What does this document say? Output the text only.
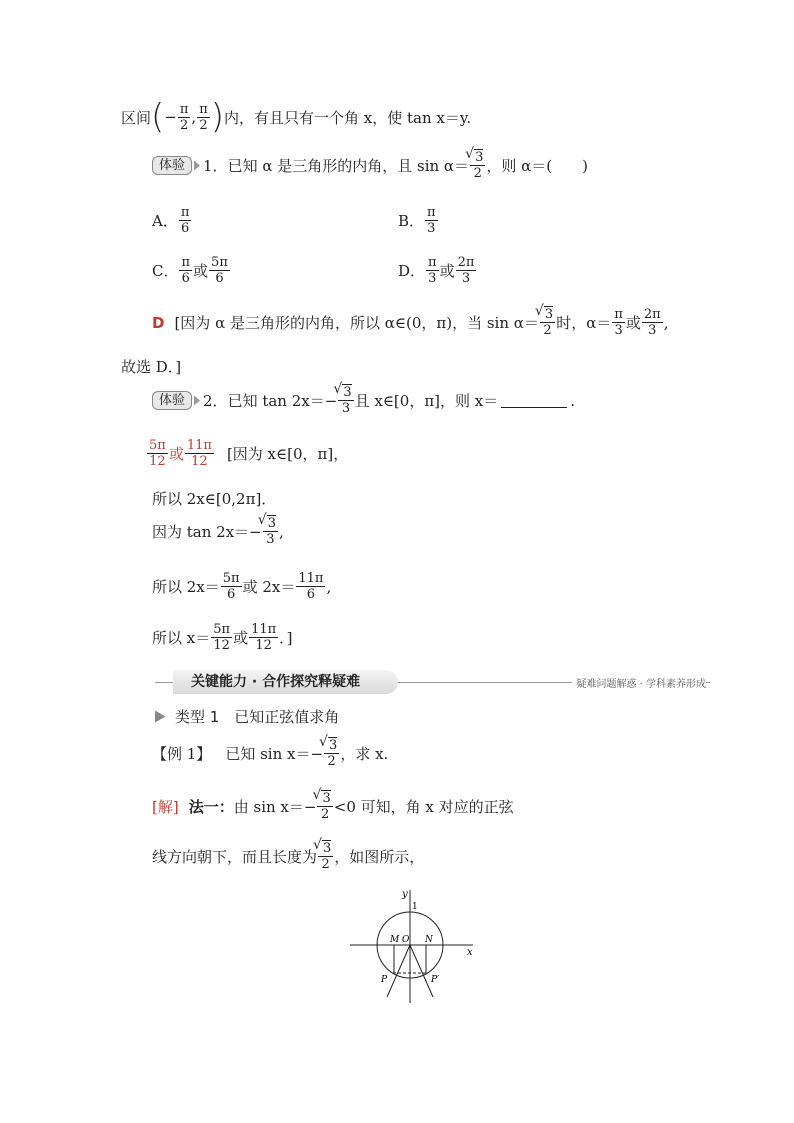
区间 ( − $\frac{\pi}{2}$ , $\frac{\pi}{2}$ ) 内，有且只有一个角 x，使 tan x＝y.
体验	1． 已知 α 是三角形的内角，且 sin α＝ √ $\frac{3}{2}$ ，则 α＝(　　)
A． $\frac{\pi}{6}$	B． $\frac{\pi}{3}$
C． $\frac{\pi}{6}$ 或 $\frac{5\pi}{6}$	D． $\frac{\pi}{3}$ 或 $\frac{2\pi}{3}$
D [因为 α 是三角形的内角，所以 α∈(0，π)，当 sin α＝ √ $\frac{3}{2}$ 时，$\alpha= \frac{\pi}{3}$ 或 $\frac{2\pi}{3}$ ,
故选 D．]
体验	2． 已知 tan 2x＝− √ $\frac{3}{3}$ 且 x∈[0，π]，则 x＝	.
$\frac{5\pi}{12}$ 或 $\frac{11\pi}{12}$ [因为 x∈[0，π]，
所以 2x∈[0,2π]．
因为 tan 2x＝− √ $\frac{3}{3}$ ,
所以 $2x= \frac{5\pi}{6}$ 或 $2x= \frac{11\pi}{6}$ ,
所以 $x= \frac{5\pi}{12}$ 或 $\frac{11\pi}{12}$ ．]
关键能力 · 合作探究释疑难	疑难问题解惑 · 学科素养形成
类型 1　已知正弦值求角
【例 1】 已知 sin x＝− √ $\frac{3}{2}$ ，求 x.
[解] 法一： 由 sin x＝− √ $\frac{3}{2} <0$ 可知，角 x 对应的正弦
线方向朝下，而且长度为 √ $\frac{3}{2}$ ，如图所示，
y
1
x
M O N
P	P′
